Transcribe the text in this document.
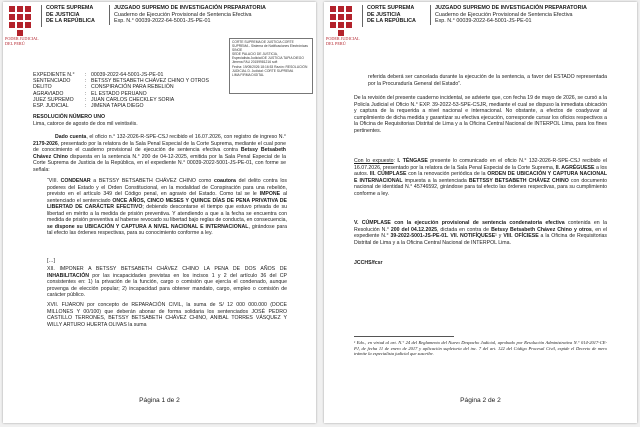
PODER JUDICIAL DEL PERÚ
CORTE SUPREMA
DE JUSTICIA
DE LA REPÚBLICA
JUZGADO SUPREMO DE INVESTIGACIÓN PREPARATORIA
Cuaderno de Ejecución Provisional de Sentencia Efectiva
Exp. N.° 00039-2022-64-5001-JS-PE-01
CORTE SUPREMA DE JUSTICIA CORTE
SUPREMA - Sistema de Notificaciones Electrónicas
SINOE
SEDE PALACIO DE JUSTICIA,
Especialista Judicial:DE JUSTICIA TAPIA DIEGO
Jimena FAU 20159981216 soft
Fecha: 19/05/2026 18:16:53 Razón: RESOLUCIÓN
JUDICIAL D. Judicial: CORTE SUPREMA
LIMA FIRMA DIGITAL
EXPEDIENTE N.° : 00039-2022-64-5001-JS-PE-01
SENTENCIADO	: BETSSY BETSABETH CHÁVEZ CHINO Y OTROS
DELITO	: CONSPIRACIÓN PARA REBELIÓN
AGRAVIADO	: EL ESTADO PERUANO
JUEZ SUPREMO : JUAN CARLOS CHECKLEY SORIA
ESP. JUDICIAL	: JIMENA TAPIA DIEGO
RESOLUCIÓN NÚMERO UNO
Lima, catorce de agosto de dos mil veintiséis.
Dado cuenta, el oficio n.° 132-2026-R-SPE-CSJ recibido el 16.07.2026, con registro de ingreso N.° 2179-2026, presentado por la relatora de la Sala Penal Especial de la Corte Suprema, mediante el cual pone de conocimiento el cuaderno provisional de ejecución de sentencia efectiva contra Betssy Betsabeth Chávez Chino dispuesta en la sentencia N.° 200 de 04-12-2025, emitida por la Sala Penal Especial de la Corte Suprema de Justicia de la República, en el expediente N.° 00039-2022-5001-JS-PE-01, con forme se señala:
“VIII. CONDENAR a BETSSY BETSABETH CHÁVEZ CHINO como coautora del delito contra los poderes del Estado y el Orden Constitucional, en la modalidad de Conspiración para una rebelión, previsto en el artículo 349 del Código penal, en agravio del Estado. Como tal se le IMPONE al sentenciado el sentenciado ONCE AÑOS, CINCO MESES Y QUINCE DÍAS DE PENA PRIVATIVA DE LIBERTAD DE CARÁCTER EFECTIVO; debiendo descontarse el tiempo que estuvo privada de su libertad en mérito a la medida de prisión preventiva. Y atendiendo a que a la fecha se encuentra con medida de prisión preventiva al haberse revocado su libertad bajo reglas de conducta, en consecuencia, se dispone su UBICACIÓN Y CAPTURA A NIVEL NACIONAL E INTERNACIONAL, girándose para tal efecto las órdenes respectivas, para su conocimiento conforme a ley.
[…]
XII. IMPONER A BETSSY BETSABETH CHÁVEZ CHINO LA PENA DE DOS AÑOS DE INHABILITACIÓN por las incapacidades previstas en los incisos 1 y 2 del artículo 36 del CP consistentes en: 1) la privación de la función, cargo o comisión que ejercía el condenado, aunque provenga de elección popular; 2) incapacidad para obtener mandato, cargo, empleo o comisión de carácter público.
XVII. FIJARON por concepto de REPARACIÓN CIVIL, la suma de S/ 12 000 000.000 (DOCE MILLONES Y 00/100) que deberán abonar de forma solidaria los sentenciados JOSÉ PEDRO CASTILLO TERRONES, BETSSY BETSABETH CHÁVEZ CHINO, ANIBAL TORRES VÁSQUEZ Y WILLY ARTURO HUERTA OLIVAS la suma
Página 1 de 2
PODER JUDICIAL DEL PERÚ
CORTE SUPREMA
DE JUSTICIA
DE LA REPÚBLICA
JUZGADO SUPREMO DE INVESTIGACIÓN PREPARATORIA
Cuaderno de Ejecución Provisional de Sentencia Efectiva
Exp. N.° 00039-2022-64-5001-JS-PE-01
referida deberá ser cancelada durante la ejecución de la sentencia, a favor del ESTADO representada por la Procuraduría General del Estado”.
De la revisión del presente cuaderno incidental, se advierte que, con fecha 19 de mayo de 2026, se cursó a la Policía Judicial el Oficio N.° EXP. 39-2022-53-SPE-CSJR, mediante el cual se dispuso la inmediata ubicación y captura de la requerida a nivel nacional e internacional. No obstante, a efectos de coadyuvar al cumplimiento de dicha medida y garantizar su efectiva ejecución, corresponde cursar los oficios respectivos a la Oficina de Requisitorias Distrital de Lima y a la Oficina Central Nacional de INTERPOL Lima, para los fines pertinentes.
Con lo expuesto: I. TÉNGASE presente lo comunicado en el oficio N.° 132-2026-R-SPE-CSJ recibido el 16.07.2026, presentado por la relatora de la Sala Penal Especial de la Corte Suprema, II. AGRÉGUESE a los autos. III. CÚMPLASE con la renovación periódica de la ORDEN DE UBICACIÓN Y CAPTURA NACIONAL E INTERNACIONAL impuesta a la sentenciada BETTSSY BETSABETH CHÁVEZ CHINO con documento nacional de identidad N.° 45746592, girándose para tal efecto las órdenes respectivas, para su cumplimiento conforme a ley.
V. CÚMPLASE con la ejecución provisional de sentencia condenatoria efectiva contenida en la Resolución N.° 200 del 04.12.2025, dictada en contra de Betssy Betsabeth Chávez Chino y otros, en el expediente N.° 39-2022-5001-JS-PE-01. VII. NOTIFÍQUESE¹ y VIII. OFÍCIESE a la Oficina de Requisitorias Distrital de Lima y a la Oficina Central Nacional de INTERPOL Lima.
JCCHS/fcsr
¹ Edo., en virtud al art. N.° 24 del Reglamento del Nuevo Despacho Judicial, aprobado por Resolución Administrativa N.° 014-2017-CE-PJ, de fecha 11 de enero de 2017 y aplicación supletoria del inc. 7 del art. 122 del Código Procesal Civil, expide el Decreto de mero trámite la especialista judicial que suscribe.
Página 2 de 2
